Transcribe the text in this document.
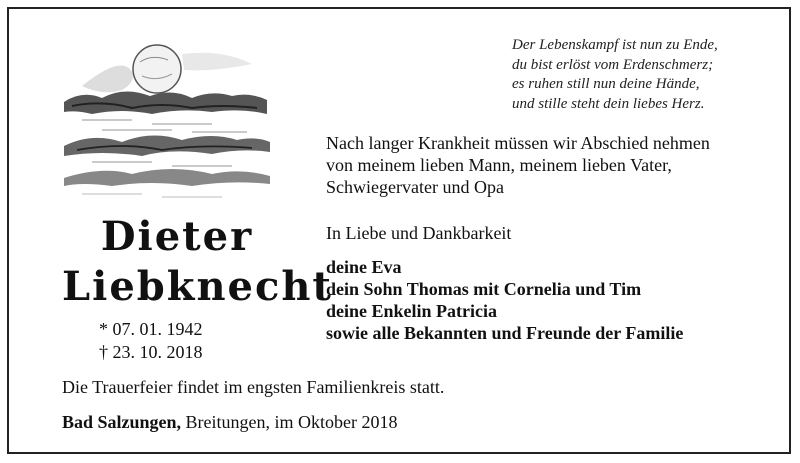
Der Lebenskampf ist nun zu Ende,
du bist erlöst vom Erdenschmerz;
es ruhen still nun deine Hände,
und stille steht dein liebes Herz.
Nach langer Krankheit müssen wir Abschied nehmen
von meinem lieben Mann, meinem lieben Vater,
Schwiegervater und Opa
Dieter
Liebknecht
* 07. 01. 1942
† 23. 10. 2018
In Liebe und Dankbarkeit
deine Eva
dein Sohn Thomas mit Cornelia und Tim
deine Enkelin Patricia
sowie alle Bekannten und Freunde der Familie
Die Trauerfeier findet im engsten Familienkreis statt.
Bad Salzungen, Breitungen, im Oktober 2018
